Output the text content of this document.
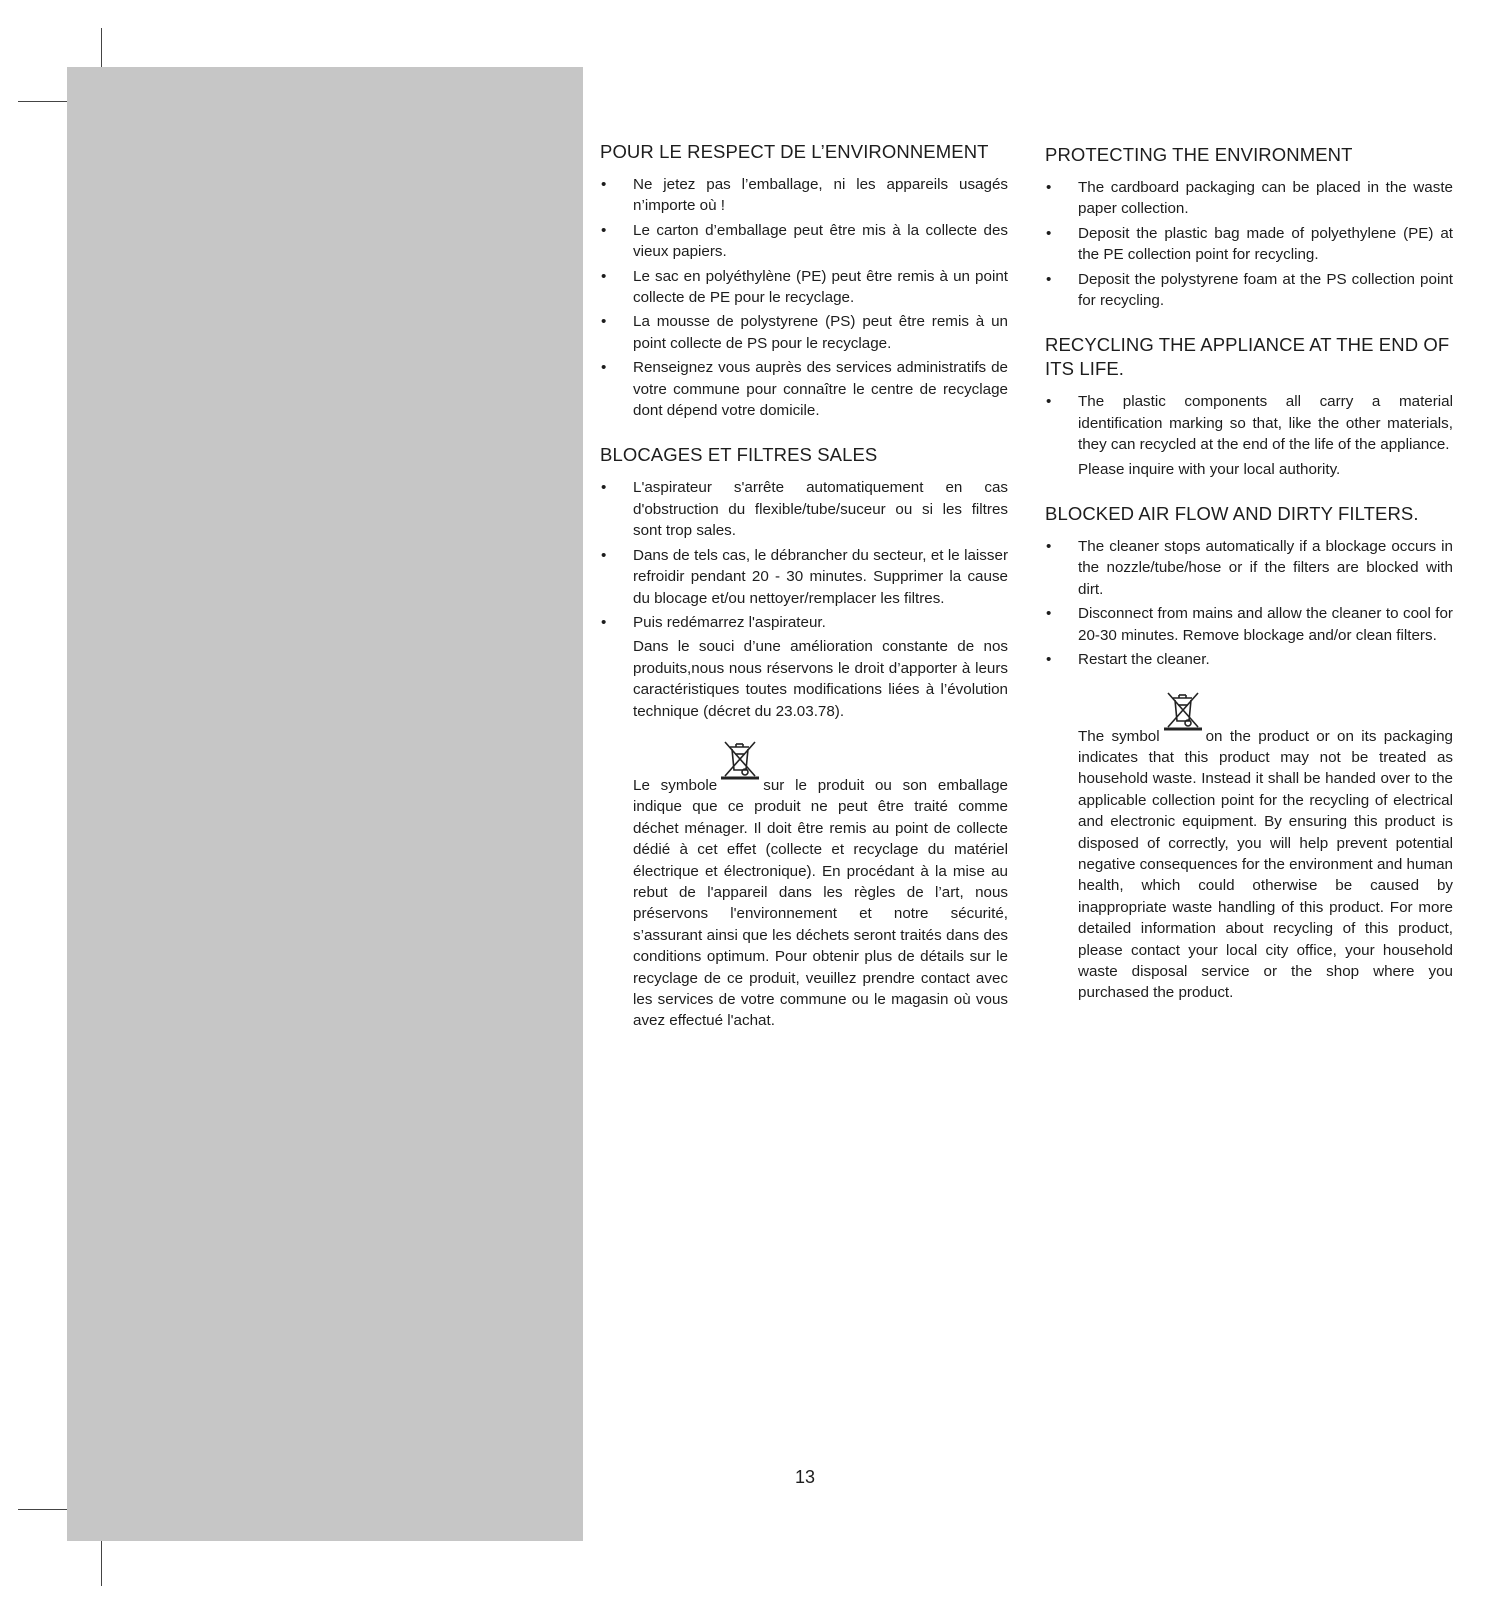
POUR LE RESPECT DE L’ENVIRONNEMENT
• Ne jetez pas l’emballage, ni les appareils usagés n’importe où !
• Le carton d’emballage peut être mis à la collecte des vieux papiers.
• Le sac en polyéthylène (PE) peut être remis à un point collecte de PE pour le recyclage.
• La mousse de polystyrene (PS) peut être remis à un point collecte de PS pour le recyclage.
• Renseignez vous auprès des services administratifs de votre commune pour connaître le centre de recyclage dont dépend votre domicile.
BLOCAGES ET FILTRES SALES
• L'aspirateur s'arrête automatiquement en cas d'obstruction du flexible/tube/suceur ou si les filtres sont trop sales.
• Dans de tels cas, le débrancher du secteur, et le laisser refroidir pendant 20 - 30 minutes. Supprimer la cause du blocage et/ou nettoyer/remplacer les filtres.
• Puis redémarrez l'aspirateur.
Dans le souci d’une amélioration constante de nos produits,nous nous réservons le droit d’apporter à leurs caractéristiques toutes modifications liées à l’évolution technique (décret du 23.03.78).
Le symbole	sur le produit ou son emballage indique que ce produit ne peut être traité comme déchet ménager. Il doit être remis au point de collecte dédié à cet effet (collecte et recyclage du matériel électrique et électronique). En procédant à la mise au rebut de l'appareil dans les règles de l’art, nous préservons l'environnement et notre sécurité, s’assurant ainsi que les déchets seront traités dans des conditions optimum. Pour obtenir plus de détails sur le recyclage de ce produit, veuillez prendre contact avec les services de votre commune ou le magasin où vous avez effectué l'achat.
PROTECTING THE ENVIRONMENT
• The cardboard packaging can be placed in the waste paper collection.
• Deposit the plastic bag made of polyethylene (PE) at the PE collection point for recycling.
• Deposit the polystyrene foam at the PS collection point for recycling.
RECYCLING THE APPLIANCE AT THE END OF ITS LIFE.
• The plastic components all carry a material identification marking so that, like the other materials, they can recycled at the end of the life of the appliance.
Please inquire with your local authority.
BLOCKED AIR FLOW AND DIRTY FILTERS.
• The cleaner stops automatically if a blockage occurs in the nozzle/tube/hose or if the filters are blocked with dirt.
• Disconnect from mains and allow the cleaner to cool for 20-30 minutes. Remove blockage and/or clean filters.
• Restart the cleaner.
The symbol	on the product or on its packaging indicates that this product may not be treated as household waste. Instead it shall be handed over to the applicable collection point for the recycling of electrical and electronic equipment. By ensuring this product is disposed of correctly, you will help prevent potential negative consequences for the environment and human health, which could otherwise be caused by inappropriate waste handling of this product. For more detailed information about recycling of this product, please contact your local city office, your household waste disposal service or the shop where you purchased the product.
13
